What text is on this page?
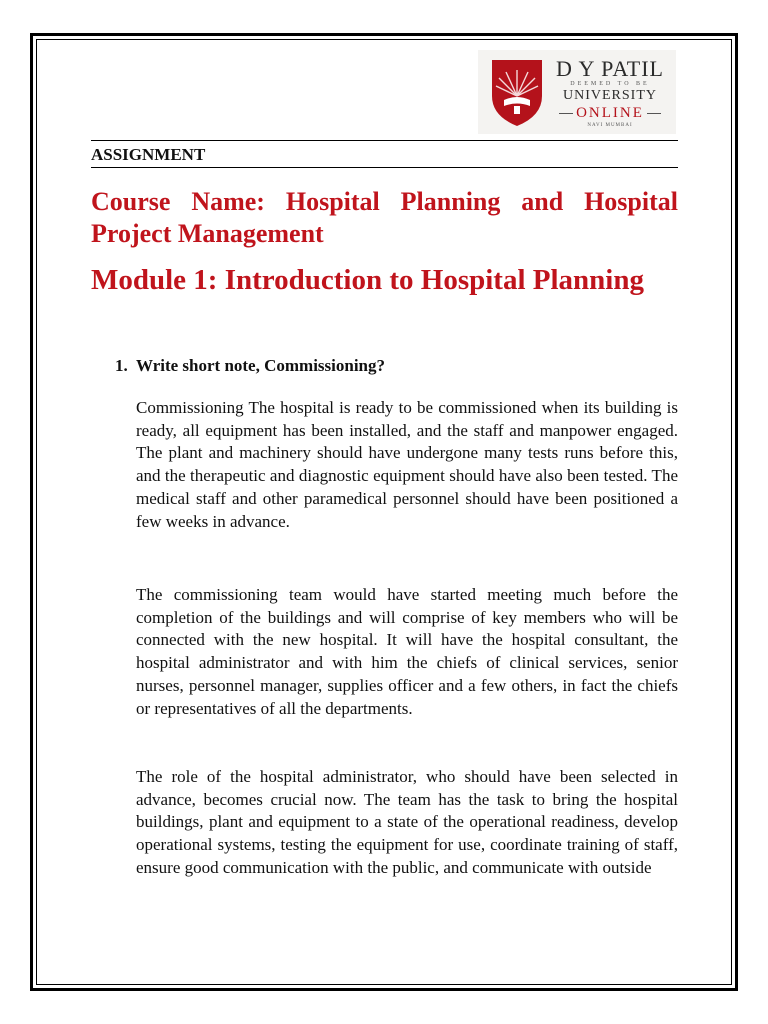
D Y PATIL
DEEMED TO BE
UNIVERSITY
ONLINE
NAVI MUMBAI
ASSIGNMENT
Course Name: Hospital Planning and Hospital Project Management
Module 1: Introduction to Hospital Planning
1. Write short note, Commissioning?

Commissioning The hospital is ready to be commissioned when its building is ready, all equipment has been installed, and the staff and manpower engaged. The plant and machinery should have undergone many tests runs before this, and the therapeutic and diagnostic equipment should have also been tested. The medical staff and other paramedical personnel should have been positioned a few weeks in advance.

The commissioning team would have started meeting much before the completion of the buildings and will comprise of key members who will be connected with the new hospital. It will have the hospital consultant, the hospital administrator and with him the chiefs of clinical services, senior nurses, personnel manager, supplies officer and a few others, in fact the chiefs or representatives of all the departments.

The role of the hospital administrator, who should have been selected in advance, becomes crucial now. The team has the task to bring the hospital buildings, plant and equipment to a state of the operational readiness, develop operational systems, testing the equipment for use, coordinate training of staff, ensure good communication with the public, and communicate with outside
